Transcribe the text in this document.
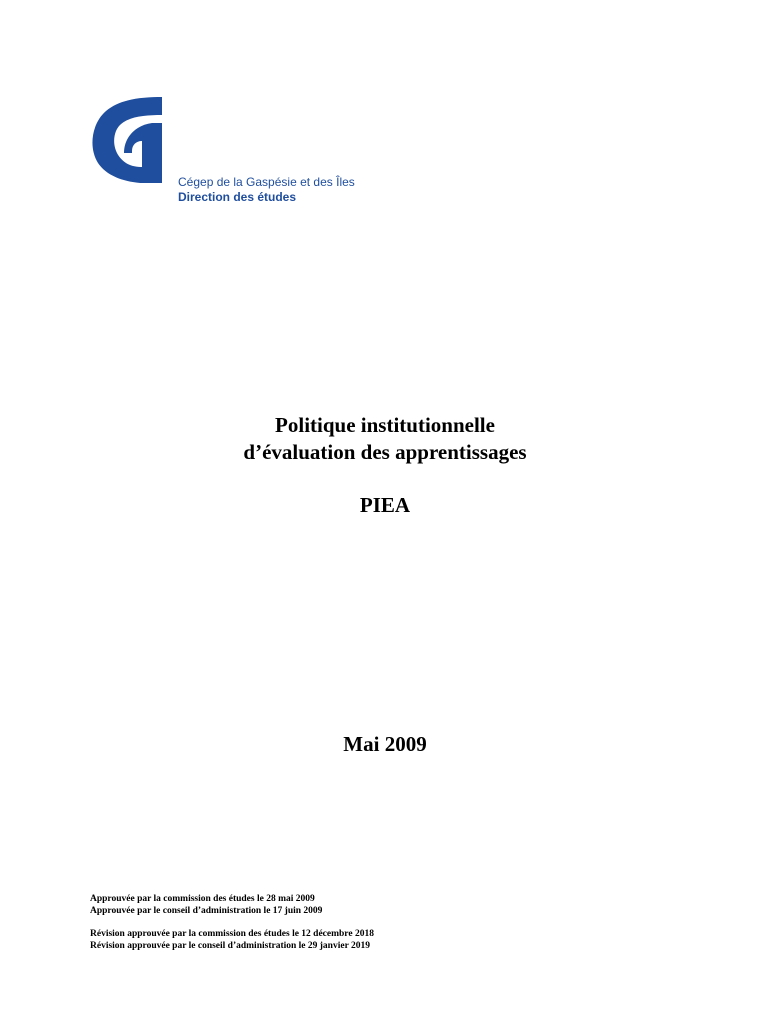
Cégep de la Gaspésie et des Îles
Direction des études
Politique institutionnelle
d’évaluation des apprentissages
PIEA
Mai 2009
Approuvée par la commission des études le 28 mai 2009
Approuvée par le conseil d’administration le 17 juin 2009
Révision approuvée par la commission des études le 12 décembre 2018
Révision approuvée par le conseil d’administration le 29 janvier 2019
